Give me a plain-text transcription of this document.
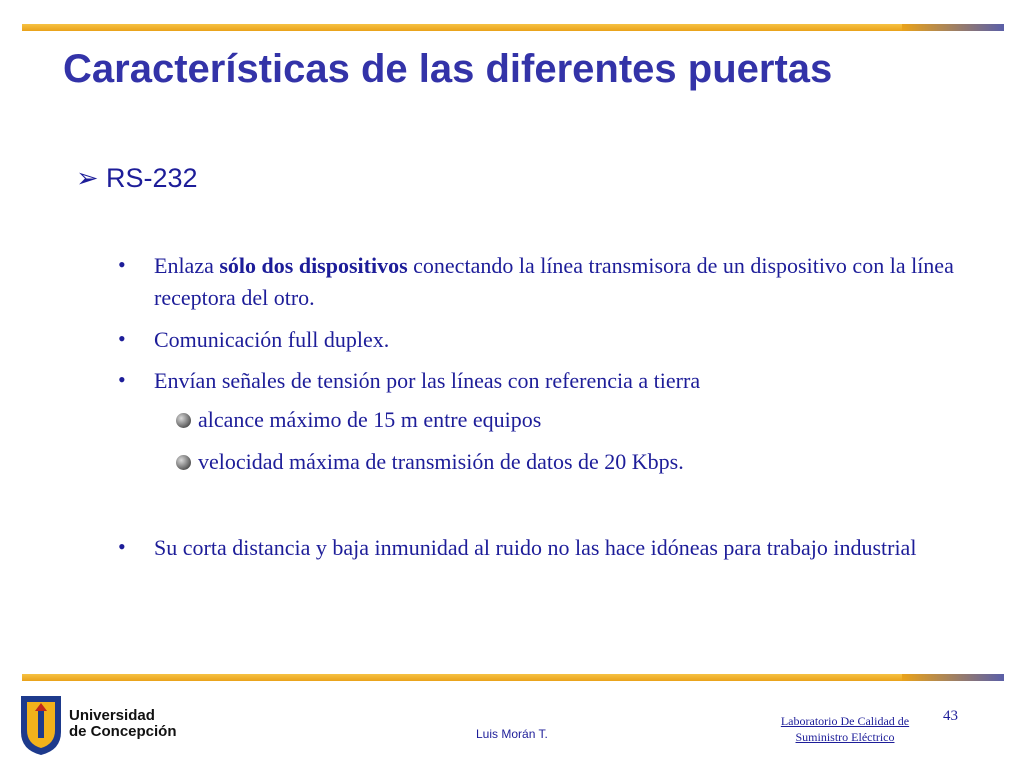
Características de las diferentes puertas
➢ RS-232
• Enlaza sólo dos dispositivos conectando la línea transmisora de un dispositivo con la línea receptora del otro.
• Comunicación full duplex.
• Envían señales de tensión por las líneas con referencia a tierra
alcance máximo de 15 m entre equipos
velocidad máxima de transmisión de datos de 20 Kbps.
• Su corta distancia y baja inmunidad al ruido no las hace idóneas para trabajo industrial
Universidad
de Concepción	Luis Morán T.
Laboratorio De Calidad de
Suministro Eléctrico
43
